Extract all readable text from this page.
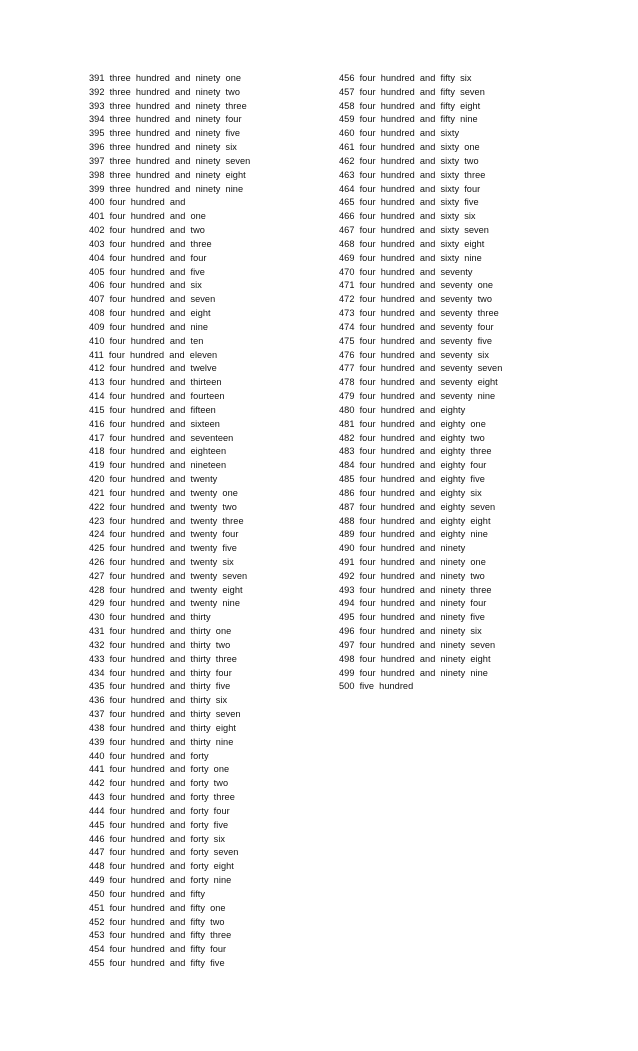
391 three hundred and ninety one
392 three hundred and ninety two
393 three hundred and ninety three
394 three hundred and ninety four
395 three hundred and ninety five
396 three hundred and ninety six
397 three hundred and ninety seven
398 three hundred and ninety eight
399 three hundred and ninety nine
400 four hundred and
401 four hundred and one
402 four hundred and two
403 four hundred and three
404 four hundred and four
405 four hundred and five
406 four hundred and six
407 four hundred and seven
408 four hundred and eight
409 four hundred and nine
410 four hundred and ten
411 four hundred and eleven
412 four hundred and twelve
413 four hundred and thirteen
414 four hundred and fourteen
415 four hundred and fifteen
416 four hundred and sixteen
417 four hundred and seventeen
418 four hundred and eighteen
419 four hundred and nineteen
420 four hundred and twenty
421 four hundred and twenty one
422 four hundred and twenty two
423 four hundred and twenty three
424 four hundred and twenty four
425 four hundred and twenty five
426 four hundred and twenty six
427 four hundred and twenty seven
428 four hundred and twenty eight
429 four hundred and twenty nine
430 four hundred and thirty
431 four hundred and thirty one
432 four hundred and thirty two
433 four hundred and thirty three
434 four hundred and thirty four
435 four hundred and thirty five
436 four hundred and thirty six
437 four hundred and thirty seven
438 four hundred and thirty eight
439 four hundred and thirty nine
440 four hundred and forty
441 four hundred and forty one
442 four hundred and forty two
443 four hundred and forty three
444 four hundred and forty four
445 four hundred and forty five
446 four hundred and forty six
447 four hundred and forty seven
448 four hundred and forty eight
449 four hundred and forty nine
450 four hundred and fifty
451 four hundred and fifty one
452 four hundred and fifty two
453 four hundred and fifty three
454 four hundred and fifty four
455 four hundred and fifty five
456 four hundred and fifty six
457 four hundred and fifty seven
458 four hundred and fifty eight
459 four hundred and fifty nine
460 four hundred and sixty
461 four hundred and sixty one
462 four hundred and sixty two
463 four hundred and sixty three
464 four hundred and sixty four
465 four hundred and sixty five
466 four hundred and sixty six
467 four hundred and sixty seven
468 four hundred and sixty eight
469 four hundred and sixty nine
470 four hundred and seventy
471 four hundred and seventy one
472 four hundred and seventy two
473 four hundred and seventy three
474 four hundred and seventy four
475 four hundred and seventy five
476 four hundred and seventy six
477 four hundred and seventy seven
478 four hundred and seventy eight
479 four hundred and seventy nine
480 four hundred and eighty
481 four hundred and eighty one
482 four hundred and eighty two
483 four hundred and eighty three
484 four hundred and eighty four
485 four hundred and eighty five
486 four hundred and eighty six
487 four hundred and eighty seven
488 four hundred and eighty eight
489 four hundred and eighty nine
490 four hundred and ninety
491 four hundred and ninety one
492 four hundred and ninety two
493 four hundred and ninety three
494 four hundred and ninety four
495 four hundred and ninety five
496 four hundred and ninety six
497 four hundred and ninety seven
498 four hundred and ninety eight
499 four hundred and ninety nine
500 five hundred
